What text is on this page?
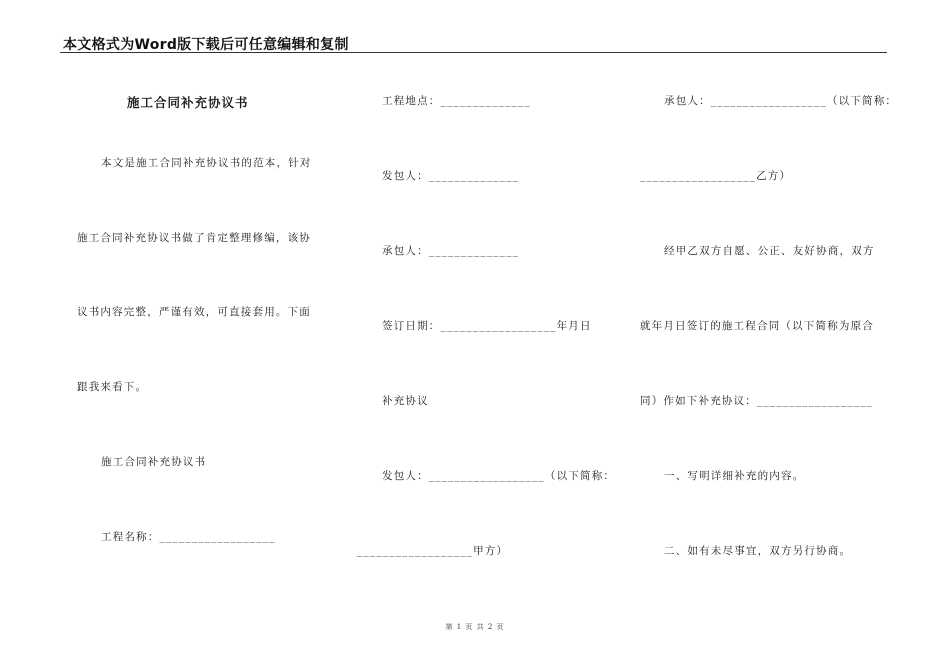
本文格式为Word版下载后可任意编辑和复制
施工合同补充协议书
本文是施工合同补充协议书的范本，针对
施工合同补充协议书做了肯定整理修编，该协
议书内容完整，严谨有效，可直接套用。下面
跟我来看下。
施工合同补充协议书
工程名称：__________________
工程地点：______________
发包人：______________
承包人：______________
签订日期：__________________年月日
补充协议
发包人：__________________（以下简称：
__________________甲方）
承包人：__________________（以下简称：
__________________乙方）
经甲乙双方自愿、公正、友好协商，双方
就年月日签订的施工程合同（以下简称为原合
同）作如下补充协议：__________________
一、写明详细补充的内容。
二、如有未尽事宜，双方另行协商。
第 1 页 共 2 页
